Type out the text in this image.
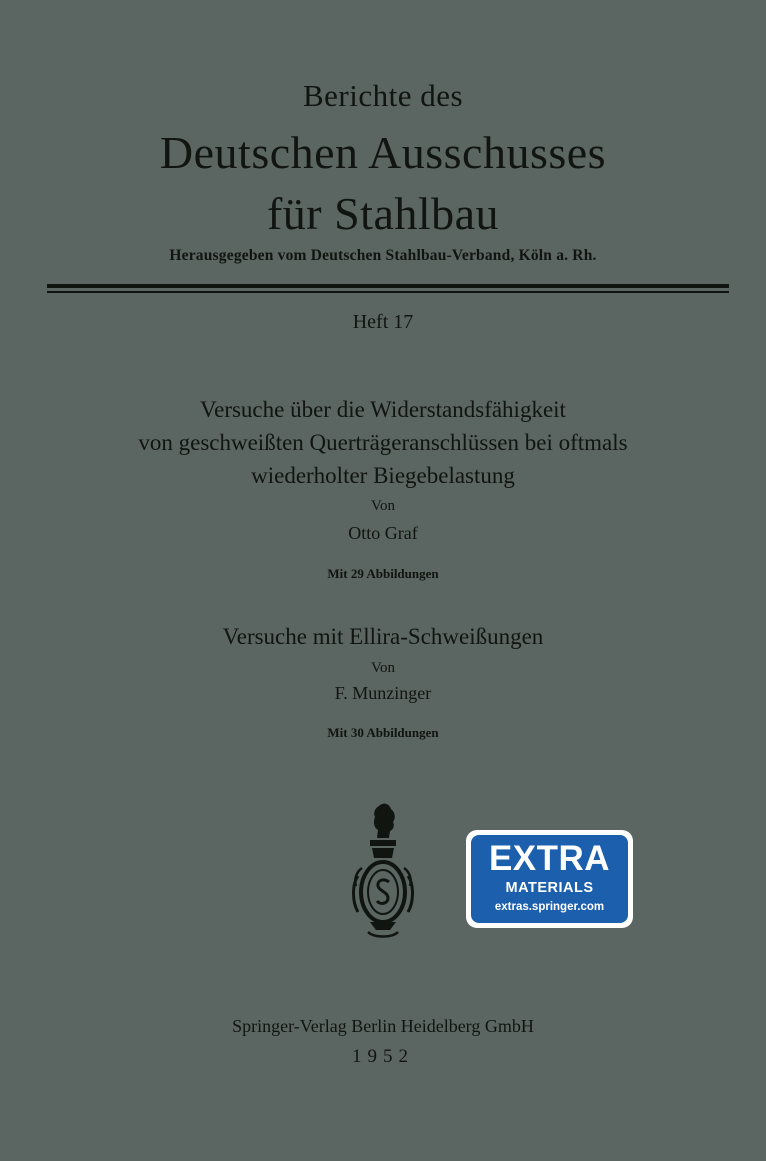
Berichte des
Deutschen Ausschusses
für Stahlbau
Herausgegeben vom Deutschen Stahlbau-Verband, Köln a. Rh.
Heft 17
Versuche über die Widerstandsfähigkeit
von geschweißten Querträgeranschlüssen bei oftmals
wiederholter Biegebelastung
Von
Otto Graf
Mit 29 Abbildungen
Versuche mit Ellira-Schweißungen
Von
F. Munzinger
Mit 30 Abbildungen
EXTRA
MATERIALS
extras.springer.com
Springer-Verlag Berlin Heidelberg GmbH
1952
